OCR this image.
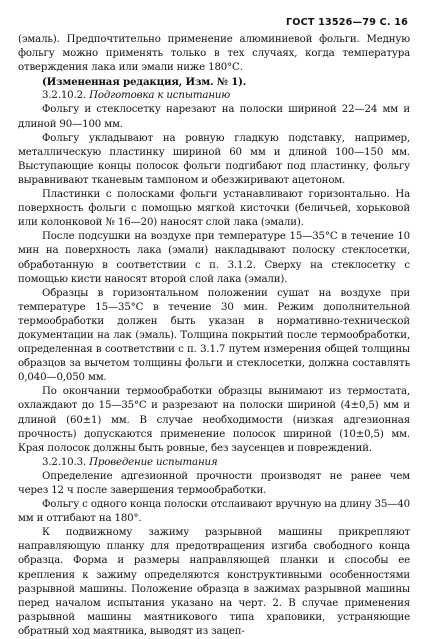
ГОСТ 13526—79 С. 16

(эмаль). Предпочтительно применение алюминиевой фольги. Медную фольгу можно применять только в тех случаях, когда температура отверждения лака или эмали ниже 180°С.

(Измененная редакция, Изм. № 1).

3.2.10.2. Подготовка к испытанию

Фольгу и стеклосетку нарезают на полоски шириной 22—24 мм и длиной 90—100 мм.

Фольгу укладывают на ровную гладкую подставку, например, металлическую пластинку шириной 60 мм и длиной 100—150 мм. Выступающие концы полосок фольги подгибают под пластинку, фольгу выравнивают тканевым тампоном и обезжиривают ацетоном.

Пластинки с полосками фольги устанавливают горизонтально. На поверхность фольги с помощью мягкой кисточки (беличьей, хорьковой или колонковой № 16—20) наносят слой лака (эмали).

После подсушки на воздухе при температуре 15—35°С в течение 10 мин на поверхность лака (эмали) накладывают полоску стеклосетки, обработанную в соответствии с п. 3.1.2. Сверху на стеклосетку с помощью кисти наносят второй слой лака (эмали).

Образцы в горизонтальном положении сушат на воздухе при температуре 15—35°С в течение 30 мин. Режим дополнительной термообработки должен быть указан в нормативно-технической документации на лак (эмаль). Толщина покрытий после термообработки, определенная в соответствии с п. 3.1.7 путем измерения общей толщины образцов за вычетом толщины фольги и стеклосетки, должна составлять 0,040—0,050 мм.

По окончании термообработки образцы вынимают из термостата, охлаждают до 15—35°С и разрезают на полоски шириной (4±0,5) мм и длиной (60±1) мм. В случае необходимости (низкая адгезионная прочность) допускаются применение полосок шириной (10±0,5) мм. Края полосок должны быть ровные, без заусенцев и повреждений.

3.2.10.3. Проведение испытания

Определение адгезионной прочности производят не ранее чем через 12 ч после завершения термообработки.

Фольгу с одного конца полоски отслаивают вручную на длину 35—40 мм и отгибают на 180°.

К подвижному зажиму разрывной машины прикрепляют направляющую планку для предотвращения изгиба свободного конца образца. Форма и размеры направляющей планки и способы ее крепления к зажиму определяются конструктивными особенностями разрывной машины. Положение образца в зажимах разрывной машины перед началом испытания указано на черт. 2. В случае применения разрывной машины маятникового типа храповики, устраняющие обратный ход маятника, выводят из зацеп-
